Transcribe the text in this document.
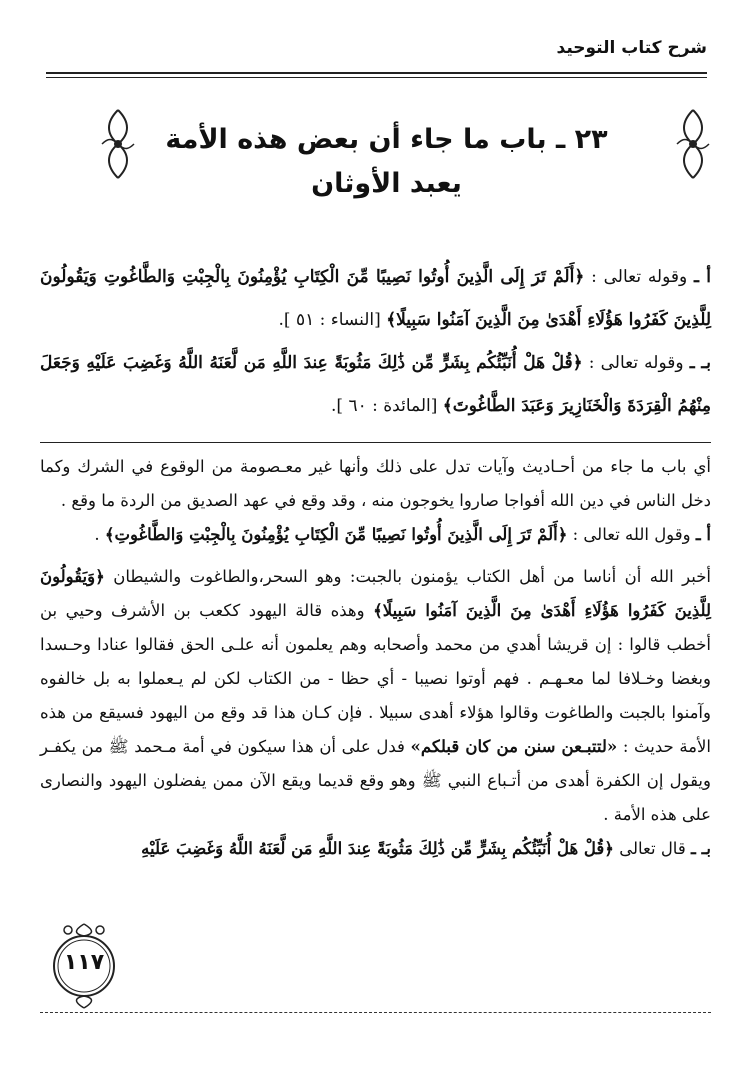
شرح كتاب التوحيد
٢٣ ـ باب ما جاء أن بعض هذه الأمة
يعبد الأوثان

أ ـ وقوله تعالى : ﴿أَلَمْ تَرَ إِلَى الَّذِينَ أُوتُوا نَصِيبًا مِّنَ الْكِتَابِ يُؤْمِنُونَ بِالْجِبْتِ وَالطَّاغُوتِ وَيَقُولُونَ لِلَّذِينَ كَفَرُوا هَؤُلَاءِ أَهْدَىٰ مِنَ الَّذِينَ آمَنُوا سَبِيلًا﴾ [النساء : ٥١ ].

بـ ـ وقوله تعالى : ﴿قُلْ هَلْ أُنَبِّئُكُم بِشَرٍّ مِّن ذَٰلِكَ مَثُوبَةً عِندَ اللَّهِ مَن لَّعَنَهُ اللَّهُ وَغَضِبَ عَلَيْهِ وَجَعَلَ مِنْهُمُ الْقِرَدَةَ وَالْخَنَازِيرَ وَعَبَدَ الطَّاغُوتَ﴾ [المائدة : ٦٠ ].

أي باب ما جاء من أحـاديث وآيات تدل على ذلك وأنها غير معـصومة من الوقوع في الشرك وكما دخل الناس في دين الله أفواجا صاروا يخوجون منه ، وقد وقع في عهد الصديق من الردة ما وقع .

أ ـ وقول الله تعالى : ﴿أَلَمْ تَرَ إِلَى الَّذِينَ أُوتُوا نَصِيبًا مِّنَ الْكِتَابِ يُؤْمِنُونَ بِالْجِبْتِ وَالطَّاغُوتِ﴾ .

أخبر الله أن أناسا من أهل الكتاب يؤمنون بالجبت: وهو السحر،والطاغوت والشيطان ﴿وَيَقُولُونَ لِلَّذِينَ كَفَرُوا هَؤُلَاءِ أَهْدَىٰ مِنَ الَّذِينَ آمَنُوا سَبِيلًا﴾ وهذه قالة اليهود ككعب بن الأشرف وحيي بن أخطب قالوا : إن قريشا أهدي من محمد وأصحابه وهم يعلمون أنه علـى الحق فقالوا عنادا وحـسدا وبغضا وخـلافا لما معـهـم . فهم أوتوا نصيبا - أي حظا - من الكتاب لكن لم يـعملوا به بل خالفوه وآمنوا بالجبت والطاغوت وقالوا هؤلاء أهدى سبيلا . فإن كـان هذا قد وقع من اليهود فسيقع من هذه الأمة حديث : «لتتبـعن سنن من كان قبلكم» فدل على أن هذا سيكون في أمة مـحمد ﷺ من يكفـر ويقول إن الكفرة أهدى من أتـباع النبي ﷺ وهو وقع قديما ويقع الآن ممن يفضلون اليهود والنصارى على هذه الأمة .

بـ ـ قال تعالى ﴿قُلْ هَلْ أُنَبِّئُكُم بِشَرٍّ مِّن ذَٰلِكَ مَثُوبَةً عِندَ اللَّهِ مَن لَّعَنَهُ اللَّهُ وَغَضِبَ عَلَيْهِ

١١٧
